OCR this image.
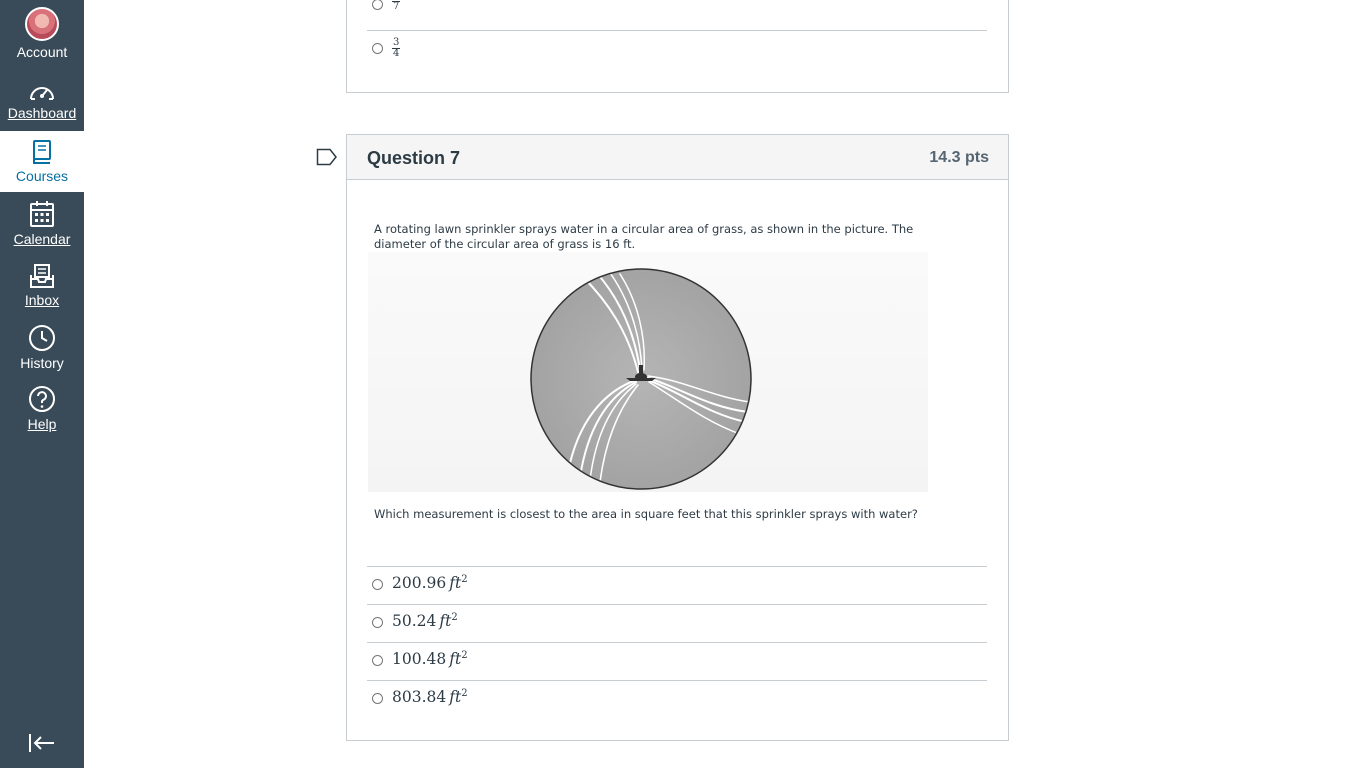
Account
Dashboard
Courses
Calendar
Inbox
History
Help
7
$\frac{3}{4}$
Question 7	14.3 pts
A rotating lawn sprinkler sprays water in a circular area of grass, as shown in the picture. The diameter of the circular area of grass is 16 ft.
Which measurement is closest to the area in square feet that this sprinkler sprays with water?
200.96 $ft^2$
50.24 $ft^2$
100.48 $ft^2$
803.84 $ft^2$
